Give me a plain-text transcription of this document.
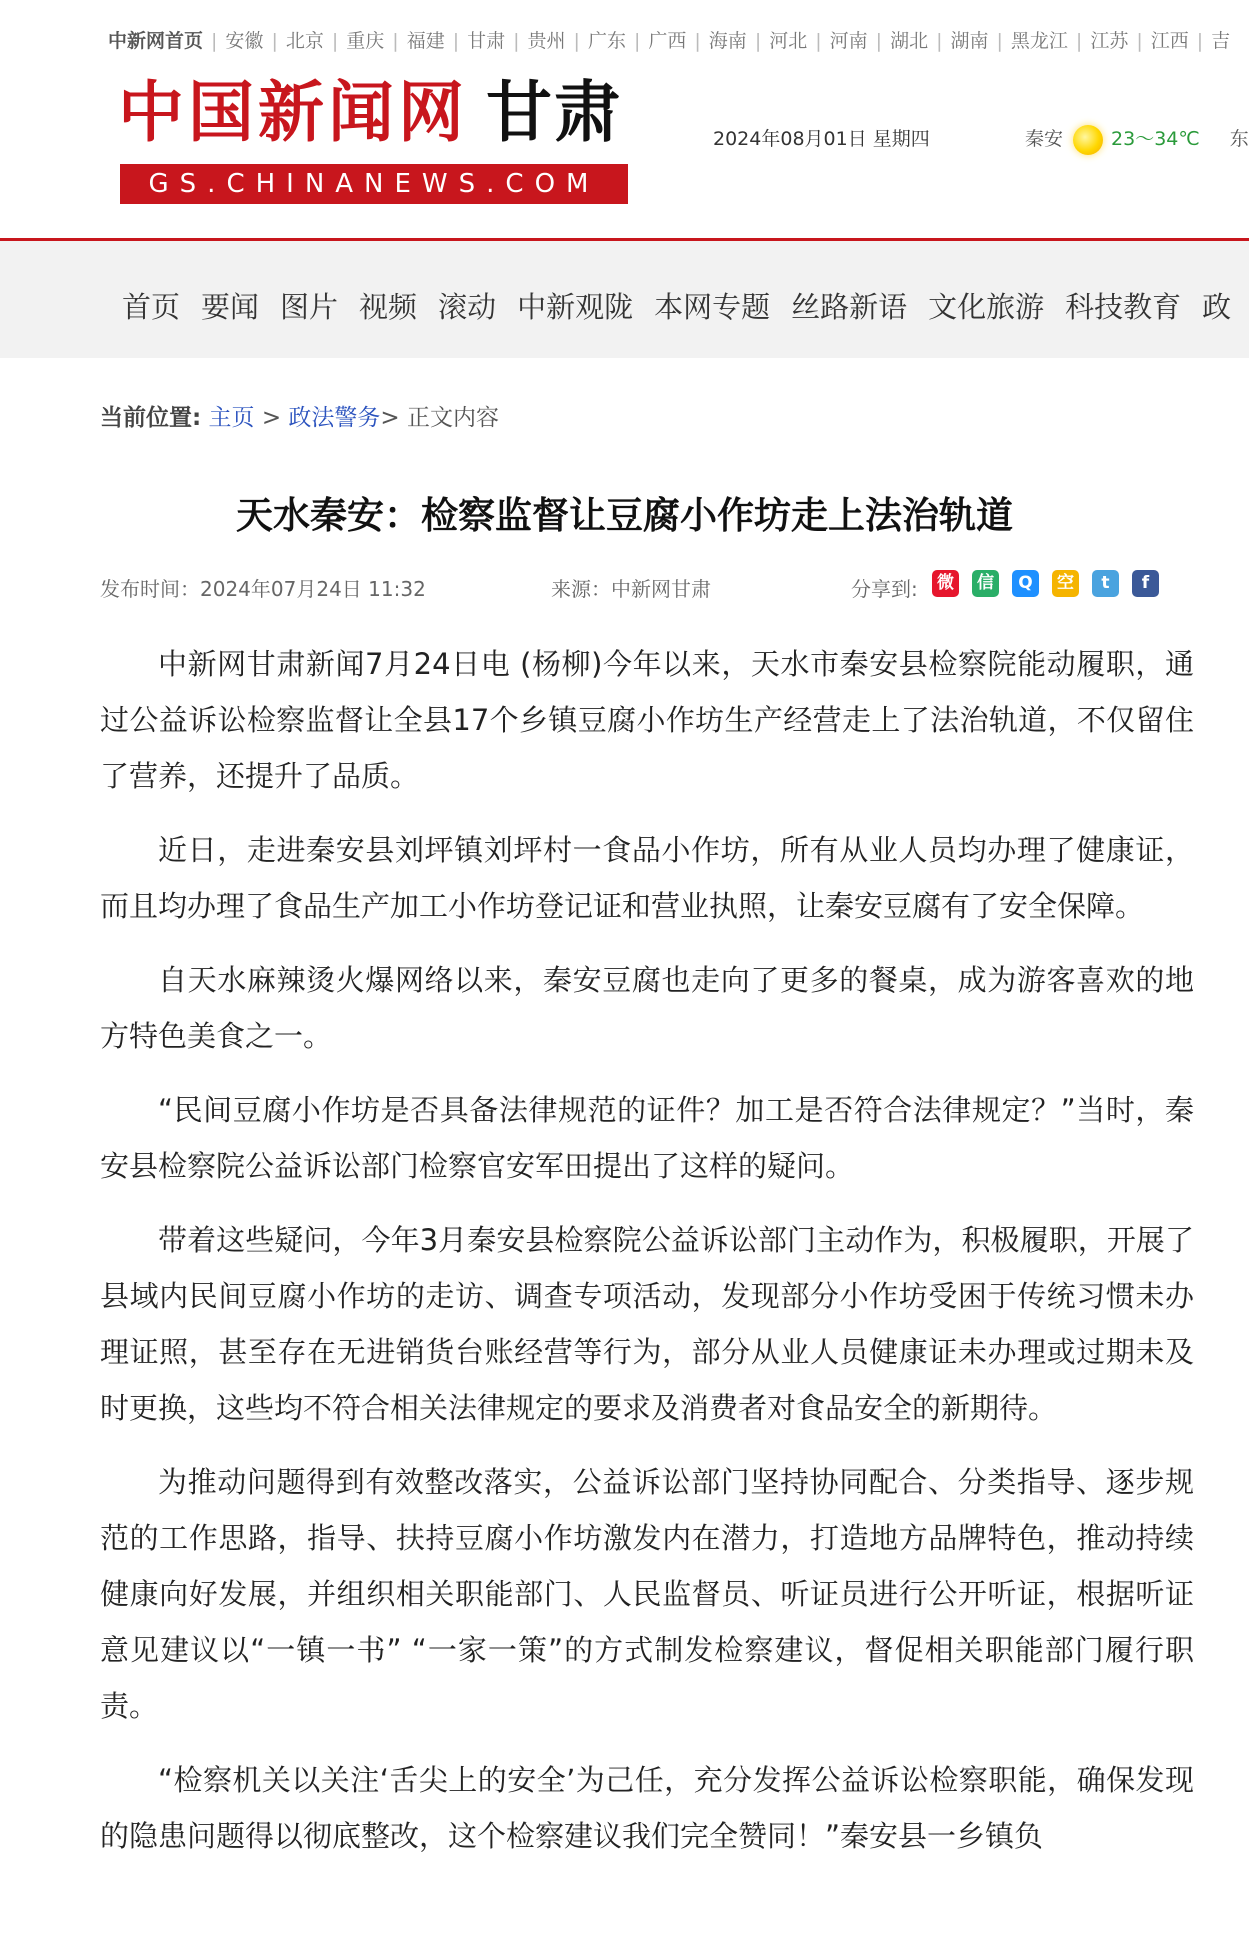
中新网首页 | 安徽 | 北京 | 重庆 | 福建 | 甘肃 | 贵州 | 广东 | 广西 | 海南 | 河北 | 河南 | 湖北 | 湖南 | 黑龙江 | 江苏 | 江西 | 吉
中国新闻网 甘肃
GS.CHINANEWS.COM
2024年08月01日 星期四	秦安	23～34℃ 东
首页 要闻 图片 视频 滚动 中新观陇 本网专题 丝路新语 文化旅游 科技教育 政
当前位置: 主页 > 政法警务> 正文内容
天水秦安：检察监督让豆腐小作坊走上法治轨道
发布时间：2024年07月24日 11:32	来源：中新网甘肃	分享到: 微 信 Q 空 t f

中新网甘肃新闻7月24日电 (杨柳)今年以来，天水市秦安县检察院能动履职，通过公益诉讼检察监督让全县17个乡镇豆腐小作坊生产经营走上了法治轨道，不仅留住了营养，还提升了品质。

近日，走进秦安县刘坪镇刘坪村一食品小作坊，所有从业人员均办理了健康证，而且均办理了食品生产加工小作坊登记证和营业执照，让秦安豆腐有了安全保障。

自天水麻辣烫火爆网络以来，秦安豆腐也走向了更多的餐桌，成为游客喜欢的地方特色美食之一。

“民间豆腐小作坊是否具备法律规范的证件？加工是否符合法律规定？”当时，秦安县检察院公益诉讼部门检察官安军田提出了这样的疑问。

带着这些疑问，今年3月秦安县检察院公益诉讼部门主动作为，积极履职，开展了县域内民间豆腐小作坊的走访、调查专项活动，发现部分小作坊受困于传统习惯未办理证照，甚至存在无进销货台账经营等行为，部分从业人员健康证未办理或过期未及时更换，这些均不符合相关法律规定的要求及消费者对食品安全的新期待。

为推动问题得到有效整改落实，公益诉讼部门坚持协同配合、分类指导、逐步规范的工作思路，指导、扶持豆腐小作坊激发内在潜力，打造地方品牌特色，推动持续健康向好发展，并组织相关职能部门、人民监督员、听证员进行公开听证，根据听证意见建议以“一镇一书” “一家一策”的方式制发检察建议，督促相关职能部门履行职责。

“检察机关以关注‘舌尖上的安全’为己任，充分发挥公益诉讼检察职能，确保发现的隐患问题得以彻底整改，这个检察建议我们完全赞同！”秦安县一乡镇负
